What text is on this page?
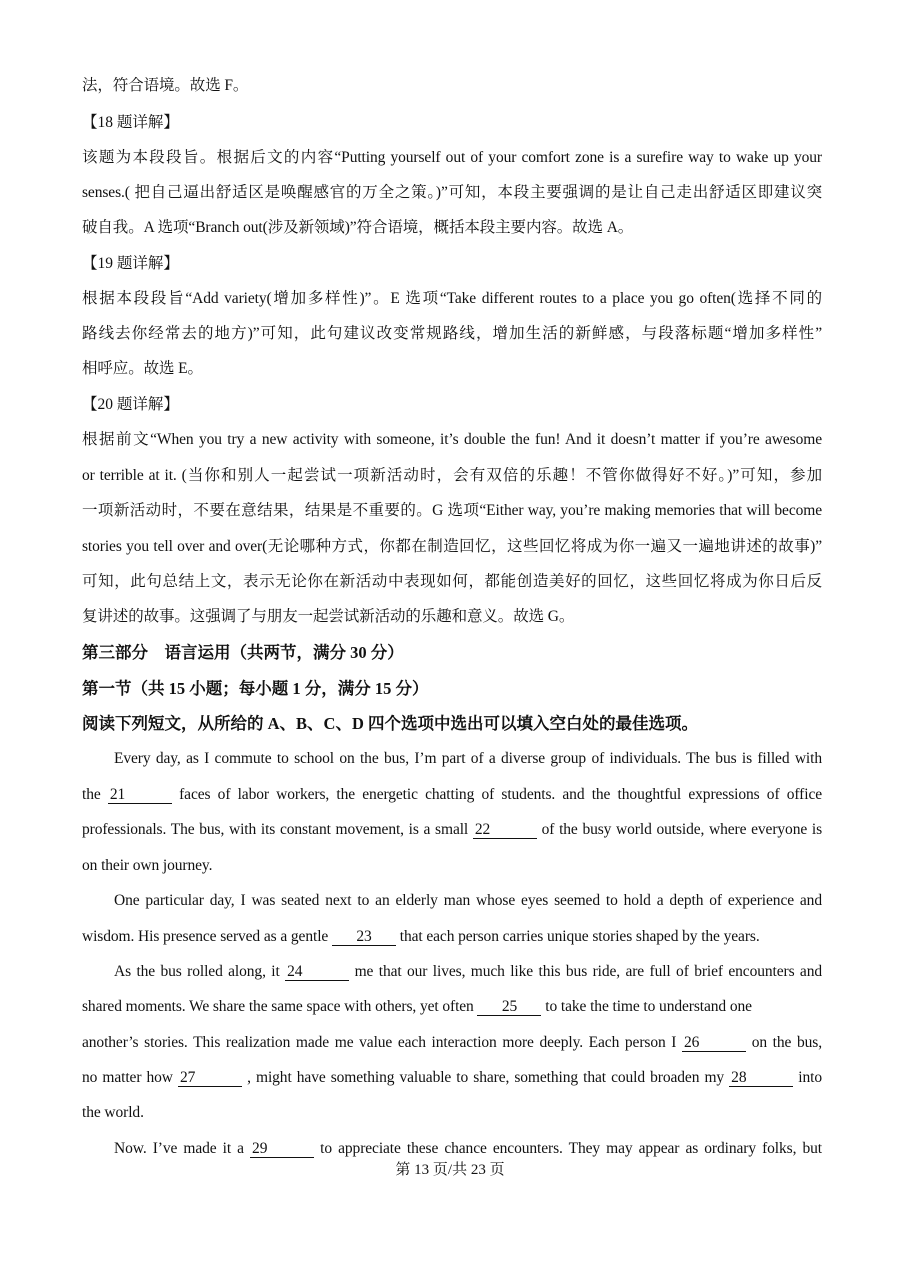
法，符合语境。故选 F。
【18 题详解】
该题为本段段旨。根据后文的内容“Putting yourself out of your comfort zone is a surefire way to wake up your
senses.( 把自己逼出舒适区是唤醒感官的万全之策。)”可知，本段主要强调的是让自己走出舒适区即建议突
破自我。A 选项“Branch out(涉及新领域)”符合语境，概括本段主要内容。故选 A。
【19 题详解】
根据本段段旨“Add variety(增加多样性)”。E 选项“Take different routes to a place you go often(选择不同的
路线去你经常去的地方)”可知，此句建议改变常规路线，增加生活的新鲜感，与段落标题“增加多样性”
相呼应。故选 E。
【20 题详解】
根据前文“When you try a new activity with someone, it’s double the fun! And it doesn’t matter if you’re awesome
or terrible at it. (当你和别人一起尝试一项新活动时，会有双倍的乐趣！不管你做得好不好。)”可知，参加
一项新活动时，不要在意结果，结果是不重要的。G 选项“Either way, you’re making memories that will become
stories you tell over and over(无论哪种方式，你都在制造回忆，这些回忆将成为你一遍又一遍地讲述的故事)”
可知，此句总结上文，表示无论你在新活动中表现如何，都能创造美好的回忆，这些回忆将成为你日后反
复讲述的故事。这强调了与朋友一起尝试新活动的乐趣和意义。故选 G。
第三部分　语言运用（共两节，满分 30 分）
第一节（共 15 小题；每小题 1 分，满分 15 分）
阅读下列短文，从所给的 A、B、C、D 四个选项中选出可以填入空白处的最佳选项。
Every day, as I commute to school on the bus, I’m part of a diverse group of individuals. The bus is filled with
the 21	faces of labor workers, the energetic chatting of students. and the thoughtful expressions of office
professionals. The bus, with its constant movement, is a small 22	of the busy world outside, where everyone is
on their own journey.
One particular day, I was seated next to an elderly man whose eyes seemed to hold a depth of experience and
wisdom. His presence served as a gentle 23 that each person carries unique stories shaped by the years.
As the bus rolled along, it 24	me that our lives, much like this bus ride, are full of brief encounters and
shared moments. We share the same space with others, yet often 25 to take the time to understand one
another’s stories. This realization made me value each interaction more deeply. Each person I 26	on the bus,
no matter how 27	, might have something valuable to share, something that could broaden my 28	into
the world.
Now. I’ve made it a 29	to appreciate these chance encounters. They may appear as ordinary folks, but
第 13 页/共 23 页
